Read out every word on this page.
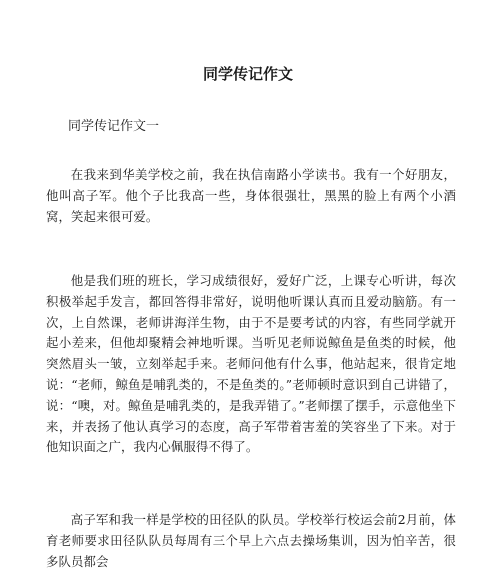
同学传记作文
同学传记作文一

在我来到华美学校之前，我在执信南路小学读书。我有一个好朋友，他叫高子军。他个子比我高一些，身体很强壮，黑黑的脸上有两个小酒窝，笑起来很可爱。

他是我们班的班长，学习成绩很好，爱好广泛，上课专心听讲，每次积极举起手发言，都回答得非常好，说明他听课认真而且爱动脑筋。有一次，上自然课，老师讲海洋生物，由于不是要考试的内容，有些同学就开起小差来，但他却聚精会神地听课。当听见老师说鲸鱼是鱼类的时候，他突然眉头一皱，立刻举起手来。老师问他有什么事，他站起来，很肯定地说：“老师，鲸鱼是哺乳类的，不是鱼类的。”老师顿时意识到自己讲错了，说：“噢，对。鲸鱼是哺乳类的，是我弄错了。”老师摆了摆手，示意他坐下来，并表扬了他认真学习的态度，高子军带着害羞的笑容坐了下来。对于他知识面之广，我内心佩服得不得了。

高子军和我一样是学校的田径队的队员。学校举行校运会前2月前，体育老师要求田径队队员每周有三个早上六点去操场集训，因为怕辛苦，很多队员都会
